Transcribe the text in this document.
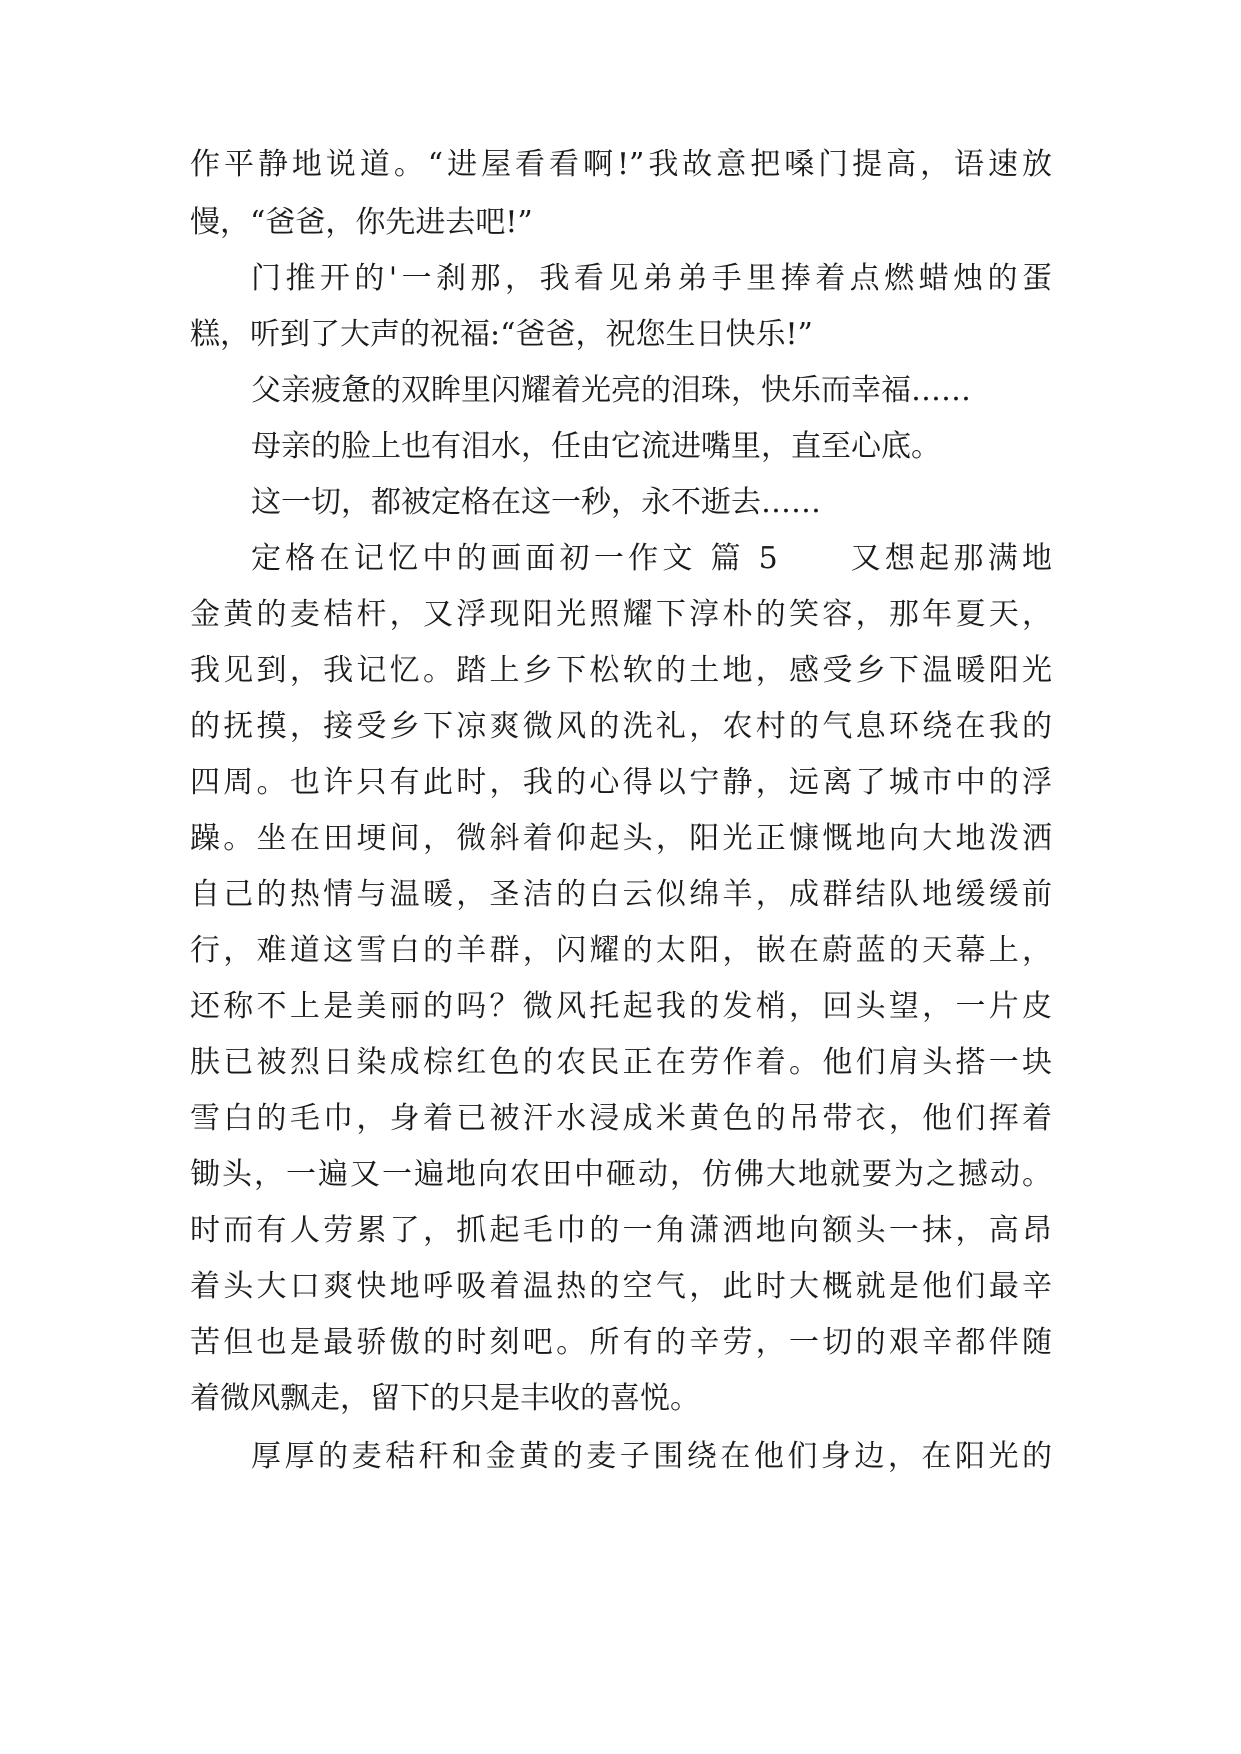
作平静地说道。“进屋看看啊!”我故意把嗓门提高，语速放
慢，“爸爸，你先进去吧!”
门推开的'一刹那，我看见弟弟手里捧着点燃蜡烛的蛋
糕，听到了大声的祝福:“爸爸，祝您生日快乐!”
父亲疲惫的双眸里闪耀着光亮的泪珠，快乐而幸福……
母亲的脸上也有泪水，任由它流进嘴里，直至心底。
这一切，都被定格在这一秒，永不逝去……
定格在记忆中的画面初一作文 篇 5　　又想起那满地
金黄的麦桔杆，又浮现阳光照耀下淳朴的笑容，那年夏天，
我见到，我记忆。踏上乡下松软的土地，感受乡下温暖阳光
的抚摸，接受乡下凉爽微风的洗礼，农村的气息环绕在我的
四周。也许只有此时，我的心得以宁静，远离了城市中的浮
躁。坐在田埂间，微斜着仰起头，阳光正慷慨地向大地泼洒
自己的热情与温暖，圣洁的白云似绵羊，成群结队地缓缓前
行，难道这雪白的羊群，闪耀的太阳，嵌在蔚蓝的天幕上，
还称不上是美丽的吗？微风托起我的发梢，回头望，一片皮
肤已被烈日染成棕红色的农民正在劳作着。他们肩头搭一块
雪白的毛巾，身着已被汗水浸成米黄色的吊带衣，他们挥着
锄头，一遍又一遍地向农田中砸动，仿佛大地就要为之撼动。
时而有人劳累了，抓起毛巾的一角潇洒地向额头一抹，高昂
着头大口爽快地呼吸着温热的空气，此时大概就是他们最辛
苦但也是最骄傲的时刻吧。所有的辛劳，一切的艰辛都伴随
着微风飘走，留下的只是丰收的喜悦。
厚厚的麦秸秆和金黄的麦子围绕在他们身边，在阳光的
